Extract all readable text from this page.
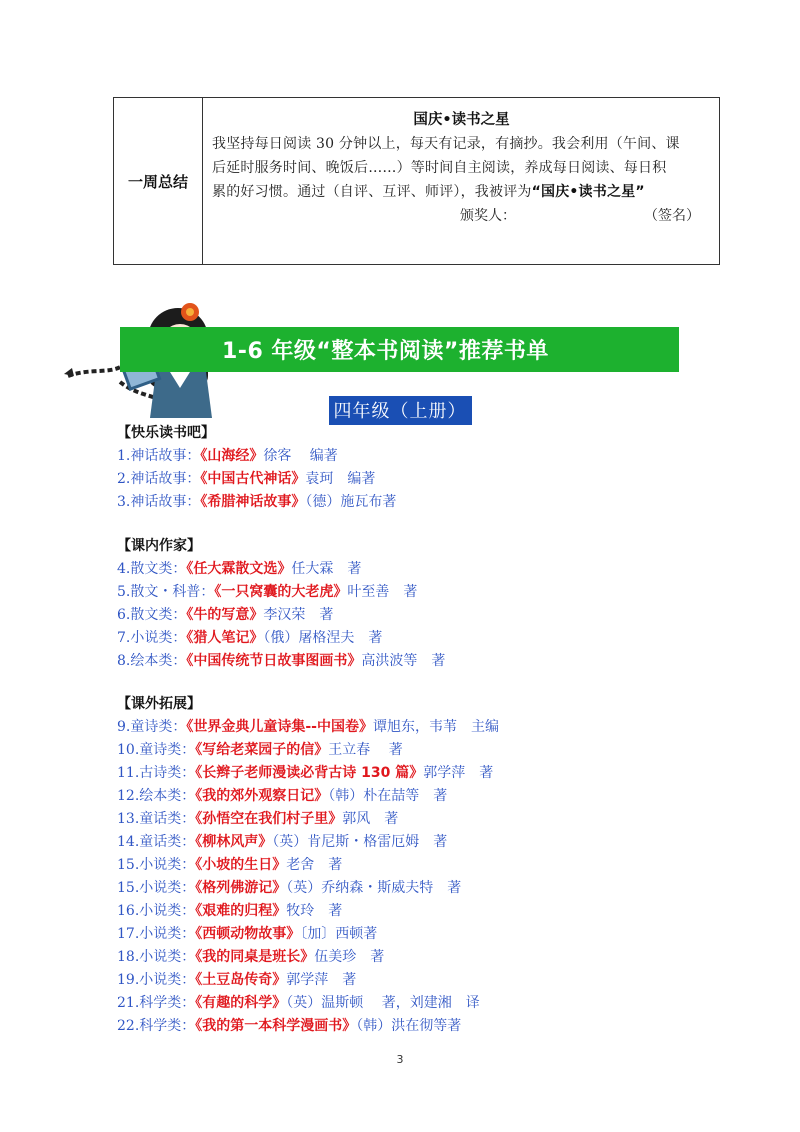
一周总结
国庆•读书之星
我坚持每日阅读 30 分钟以上，每天有记录，有摘抄。我会利用（午间、课
后延时服务时间、晚饭后……）等时间自主阅读，养成每日阅读、每日积
累的好习惯。通过（自评、互评、师评），我被评为“国庆•读书之星”
颁奖人：	（签名）
1-6 年级“整本书阅读”推荐书单
四年级（上册）
【快乐读书吧】
1.神话故事：《山海经》徐客　 编著
2.神话故事：《中国古代神话》袁珂　编著
3.神话故事：《希腊神话故事》（德）施瓦布著
【课内作家】
4.散文类：《任大霖散文选》任大霖　著
5.散文・科普：《一只窝囊的大老虎》叶至善　著
6.散文类：《牛的写意》李汉荣　著
7.小说类：《猎人笔记》（俄）屠格涅夫　著
8.绘本类：《中国传统节日故事图画书》高洪波等　著
【课外拓展】
9.童诗类：《世界金典儿童诗集--中国卷》谭旭东，韦苇　主编
10.童诗类：《写给老菜园子的信》王立春　 著
11.古诗类：《长辫子老师漫读必背古诗 130 篇》郭学萍　著
12.绘本类：《我的郊外观察日记》（韩）朴在喆等　著
13.童话类：《孙悟空在我们村子里》郭风　著
14.童话类：《柳林风声》（英）肯尼斯・格雷厄姆　著
15.小说类：《小坡的生日》老舍　著
15.小说类：《格列佛游记》（英）乔纳森・斯威夫特　著
16.小说类：《艰难的归程》牧玲　著
17.小说类：《西顿动物故事》〔加〕西顿著
18.小说类：《我的同桌是班长》伍美珍　著
19.小说类：《土豆岛传奇》郭学萍　著
21.科学类：《有趣的科学》（英）温斯顿　 著，刘建湘　译
22.科学类：《我的第一本科学漫画书》（韩）洪在彻等著
3
